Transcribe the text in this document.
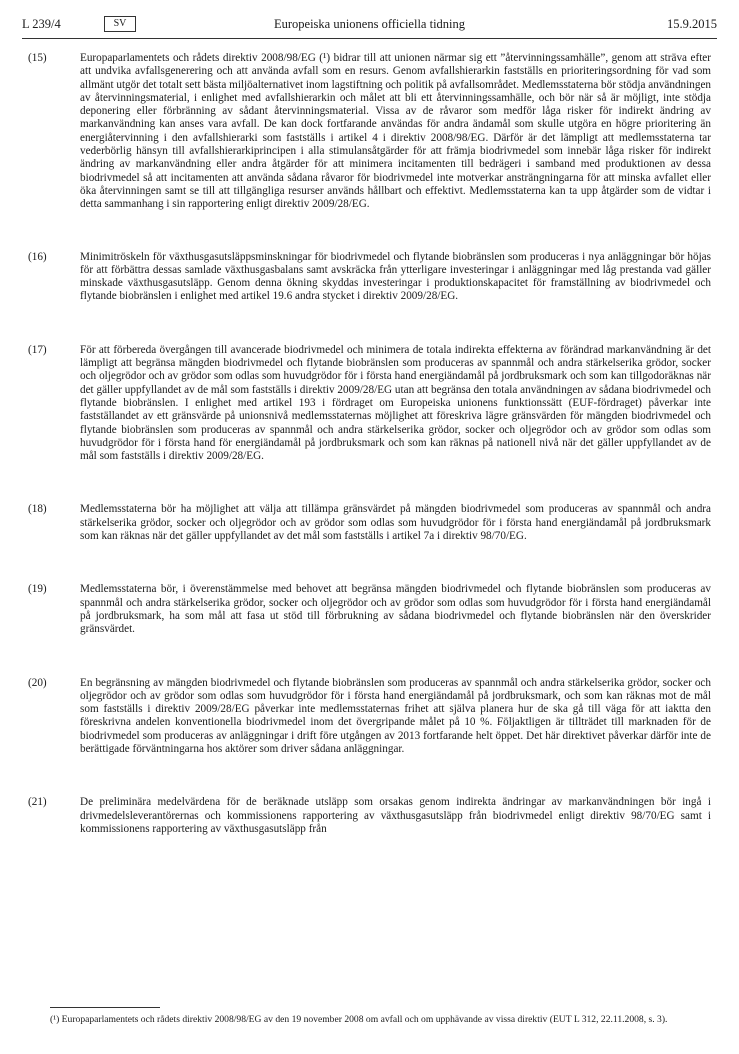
L 239/4	SV	Europeiska unionens officiella tidning	15.9.2015
(15)	Europaparlamentets och rådets direktiv 2008/98/EG (¹) bidrar till att unionen närmar sig ett ”återvinningssamhälle”, genom att sträva efter att undvika avfallsgenerering och att använda avfall som en resurs. Genom avfallshierarkin fastställs en prioriteringsordning för vad som allmänt utgör det totalt sett bästa miljöalternativet inom lagstiftning och politik på avfallsområdet. Medlemsstaterna bör stödja användningen av återvinningsmaterial, i enlighet med avfallshierarkin och målet att bli ett återvinningssamhälle, och bör när så är möjligt, inte stödja deponering eller förbränning av sådant återvinningsmaterial. Vissa av de råvaror som medför låga risker för indirekt ändring av markanvändning kan anses vara avfall. De kan dock fortfarande användas för andra ändamål som skulle utgöra en högre prioritering än energiåtervinning i den avfallshierarki som fastställs i artikel 4 i direktiv 2008/98/EG. Därför är det lämpligt att medlemsstaterna tar vederbörlig hänsyn till avfallshierarkiprincipen i alla stimulansåtgärder för att främja biodrivmedel som innebär låga risker för indirekt ändring av markanvändning eller andra åtgärder för att minimera incitamenten till bedrägeri i samband med produktionen av dessa biodrivmedel så att incitamenten att använda sådana råvaror för biodrivmedel inte motverkar ansträngningarna för att minska avfallet eller öka återvinningen samt se till att tillgängliga resurser används hållbart och effektivt. Medlemsstaterna kan ta upp åtgärder som de vidtar i detta sammanhang i sin rapportering enligt direktiv 2009/28/EG.
(16)	Minimitröskeln för växthusgasutsläppsminskningar för biodrivmedel och flytande biobränslen som produceras i nya anläggningar bör höjas för att förbättra dessas samlade växthusgasbalans samt avskräcka från ytterligare investeringar i anläggningar med låg prestanda vad gäller minskade växthusgasutsläpp. Genom denna ökning skyddas investeringar i produktionskapacitet för framställning av biodrivmedel och flytande biobränslen i enlighet med artikel 19.6 andra stycket i direktiv 2009/28/EG.
(17)	För att förbereda övergången till avancerade biodrivmedel och minimera de totala indirekta effekterna av förändrad markanvändning är det lämpligt att begränsa mängden biodrivmedel och flytande biobränslen som produceras av spannmål och andra stärkelserika grödor, socker och oljegrödor och av grödor som odlas som huvudgrödor för i första hand energiändamål på jordbruksmark och som kan tillgodoräknas när det gäller uppfyllandet av de mål som fastställs i direktiv 2009/28/EG utan att begränsa den totala användningen av sådana biodrivmedel och flytande biobränslen. I enlighet med artikel 193 i fördraget om Europeiska unionens funktionssätt (EUF-fördraget) påverkar inte fastställandet av ett gränsvärde på unionsnivå medlemsstaternas möjlighet att föreskriva lägre gränsvärden för mängden biodrivmedel och flytande biobränslen som produceras av spannmål och andra stärkelserika grödor, socker och oljegrödor och av grödor som odlas som huvudgrödor för i första hand för energiändamål på jordbruksmark och som kan räknas på nationell nivå när det gäller uppfyllandet av de mål som fastställs i direktiv 2009/28/EG.
(18)	Medlemsstaterna bör ha möjlighet att välja att tillämpa gränsvärdet på mängden biodrivmedel som produceras av spannmål och andra stärkelserika grödor, socker och oljegrödor och av grödor som odlas som huvudgrödor för i första hand energiändamål på jordbruksmark som kan räknas när det gäller uppfyllandet av det mål som fastställs i artikel 7a i direktiv 98/70/EG.
(19)	Medlemsstaterna bör, i överenstämmelse med behovet att begränsa mängden biodrivmedel och flytande biobränslen som produceras av spannmål och andra stärkelserika grödor, socker och oljegrödor och av grödor som odlas som huvudgrödor för i första hand energiändamål på jordbruksmark, ha som mål att fasa ut stöd till förbrukning av sådana biodrivmedel och flytande biobränslen när den överskrider gränsvärdet.
(20)	En begränsning av mängden biodrivmedel och flytande biobränslen som produceras av spannmål och andra stärkelserika grödor, socker och oljegrödor och av grödor som odlas som huvudgrödor för i första hand energiändamål på jordbruksmark, och som kan räknas mot de mål som fastställs i direktiv 2009/28/EG påverkar inte medlemsstaternas frihet att själva planera hur de ska gå till väga för att iaktta den föreskrivna andelen konventionella biodrivmedel inom det övergripande målet på 10 %. Följaktligen är tillträdet till marknaden för de biodrivmedel som produceras av anläggningar i drift före utgången av 2013 fortfarande helt öppet. Det här direktivet påverkar därför inte de berättigade förväntningarna hos aktörer som driver sådana anläggningar.
(21)	De preliminära medelvärdena för de beräknade utsläpp som orsakas genom indirekta ändringar av markanvändningen bör ingå i drivmedelsleverantörernas och kommissionens rapportering av växthusgasutsläpp från biodrivmedel enligt direktiv 98/70/EG samt i kommissionens rapportering av växthusgasutsläpp från
(¹) Europaparlamentets och rådets direktiv 2008/98/EG av den 19 november 2008 om avfall och om upphävande av vissa direktiv (EUT L 312, 22.11.2008, s. 3).
